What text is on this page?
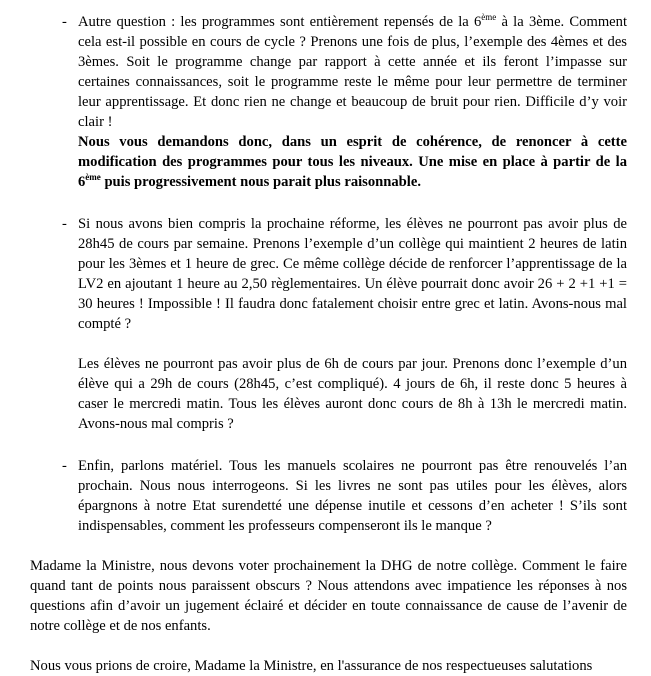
- Autre question : les programmes sont entièrement repensés de la 6ème à la 3ème. Comment cela est-il possible en cours de cycle ? Prenons une fois de plus, l’exemple des 4èmes et des 3èmes. Soit le programme change par rapport à cette année et ils feront l’impasse sur certaines connaissances, soit le programme reste le même pour leur permettre de terminer leur apprentissage. Et donc rien ne change et beaucoup de bruit pour rien. Difficile d’y voir clair !

Nous vous demandons donc, dans un esprit de cohérence, de renoncer à cette modification des programmes pour tous les niveaux. Une mise en place à partir de la 6ème puis progressivement nous parait plus raisonnable.

- Si nous avons bien compris la prochaine réforme, les élèves ne pourront pas avoir plus de 28h45 de cours par semaine. Prenons l’exemple d’un collège qui maintient 2 heures de latin pour les 3èmes et 1 heure de grec. Ce même collège décide de renforcer l’apprentissage de la LV2 en ajoutant 1 heure au 2,50 règlementaires. Un élève pourrait donc avoir 26 + 2 +1 +1 = 30 heures ! Impossible ! Il faudra donc fatalement choisir entre grec et latin. Avons-nous mal compté ?

Les élèves ne pourront pas avoir plus de 6h de cours par jour. Prenons donc l’exemple d’un élève qui a 29h de cours (28h45, c’est compliqué). 4 jours de 6h, il reste donc 5 heures à caser le mercredi matin. Tous les élèves auront donc cours de 8h à 13h le mercredi matin. Avons-nous mal compris ?

- Enfin, parlons matériel. Tous les manuels scolaires ne pourront pas être renouvelés l’an prochain. Nous nous interrogeons. Si les livres ne sont pas utiles pour les élèves, alors épargnons à notre Etat surendetté une dépense inutile et cessons d’en acheter ! S’ils sont indispensables, comment les professeurs compenseront ils le manque ?

Madame la Ministre, nous devons voter prochainement la DHG de notre collège. Comment le faire quand tant de points nous paraissent obscurs ? Nous attendons avec impatience les réponses à nos questions afin d’avoir un jugement éclairé et décider en toute connaissance de cause de l’avenir de notre collège et de nos enfants.

Nous vous prions de croire, Madame la Ministre, en l'assurance de nos respectueuses salutations
